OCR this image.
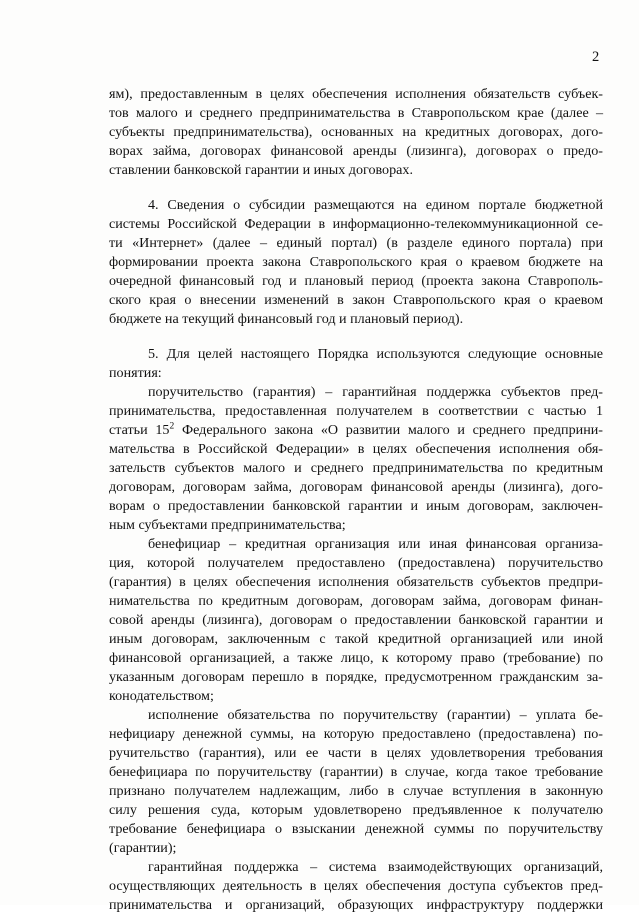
2
ям), предоставленным в целях обеспечения исполнения обязательств субъек-
тов малого и среднего предпринимательства в Ставропольском крае (далее –
субъекты предпринимательства), основанных на кредитных договорах, дого-
ворах займа, договорах финансовой аренды (лизинга), договорах о предо-
ставлении банковской гарантии и иных договорах.
4. Сведения о субсидии размещаются на едином портале бюджетной
системы Российской Федерации в информационно-телекоммуникационной се-
ти «Интернет» (далее – единый портал) (в разделе единого портала) при
формировании проекта закона Ставропольского края о краевом бюджете на
очередной финансовый год и плановый период (проекта закона Ставрополь-
ского края о внесении изменений в закон Ставропольского края о краевом
бюджете на текущий финансовый год и плановый период).
5. Для целей настоящего Порядка используются следующие основные
понятия:
поручительство (гарантия) – гарантийная поддержка субъектов пред-
принимательства, предоставленная получателем в соответствии с частью 1
статьи $15^2$ Федерального закона «О развитии малого и среднего предприни-
мательства в Российской Федерации» в целях обеспечения исполнения обя-
зательств субъектов малого и среднего предпринимательства по кредитным
договорам, договорам займа, договорам финансовой аренды (лизинга), дого-
ворам о предоставлении банковской гарантии и иным договорам, заключен-
ным субъектами предпринимательства;
бенефициар – кредитная организация или иная финансовая организа-
ция, которой получателем предоставлено (предоставлена) поручительство
(гарантия) в целях обеспечения исполнения обязательств субъектов предпри-
нимательства по кредитным договорам, договорам займа, договорам финан-
совой аренды (лизинга), договорам о предоставлении банковской гарантии и
иным договорам, заключенным с такой кредитной организацией или иной
финансовой организацией, а также лицо, к которому право (требование) по
указанным договорам перешло в порядке, предусмотренном гражданским за-
конодательством;
исполнение обязательства по поручительству (гарантии) – уплата бе-
нефициару денежной суммы, на которую предоставлено (предоставлена) по-
ручительство (гарантия), или ее части в целях удовлетворения требования
бенефициара по поручительству (гарантии) в случае, когда такое требование
признано получателем надлежащим, либо в случае вступления в законную
силу решения суда, которым удовлетворено предъявленное к получателю
требование бенефициара о взыскании денежной суммы по поручительству
(гарантии);
гарантийная поддержка – система взаимодействующих организаций,
осуществляющих деятельность в целях обеспечения доступа субъектов пред-
принимательства и организаций, образующих инфраструктуру поддержки
